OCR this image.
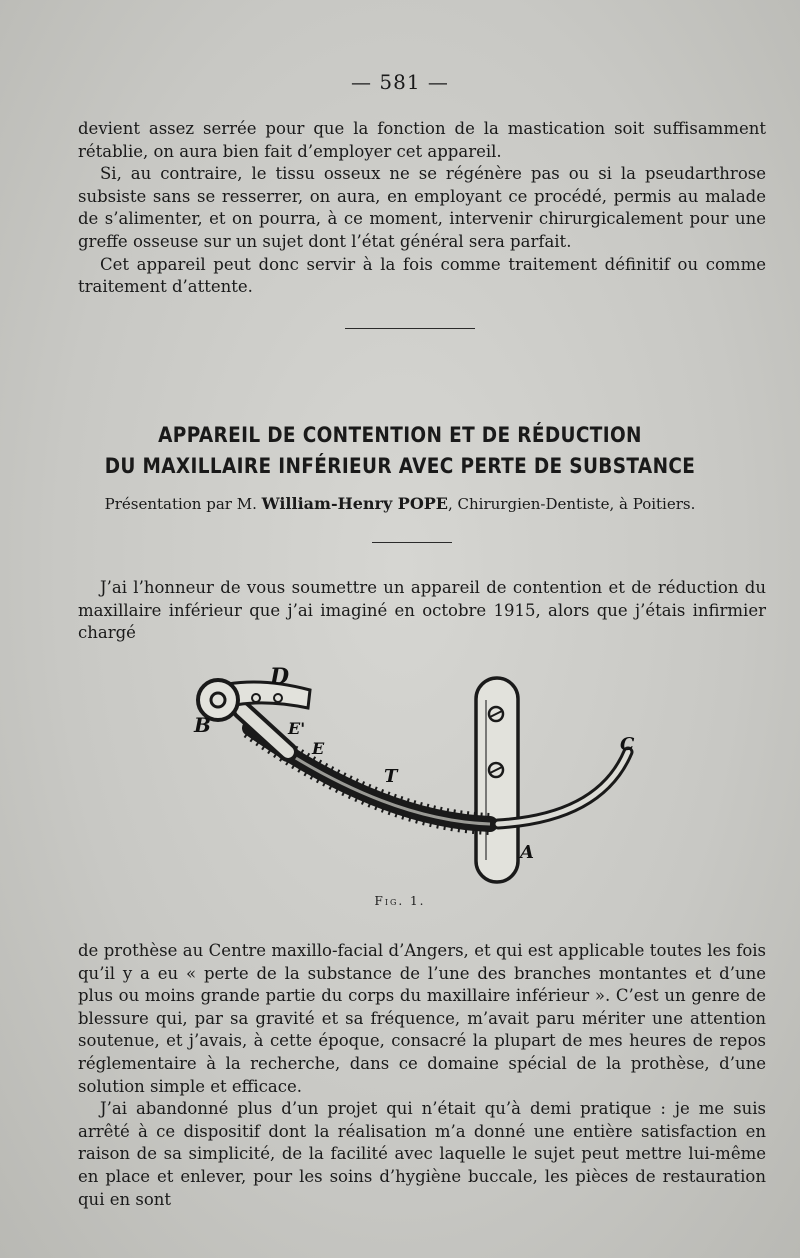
— 581 —

devient assez serrée pour que la fonction de la mastication soit suffisamment rétablie, on aura bien fait d’employer cet appareil.

Si, au contraire, le tissu osseux ne se régénère pas ou si la pseudarthrose subsiste sans se resserrer, on aura, en employant ce procédé, permis au malade de s’alimenter, et on pourra, à ce moment, intervenir chirurgicalement pour une greffe osseuse sur un sujet dont l’état général sera parfait.

Cet appareil peut donc servir à la fois comme traitement définitif ou comme traitement d’attente.

APPAREIL DE CONTENTION ET DE RÉDUCTION
DU MAXILLAIRE INFÉRIEUR AVEC PERTE DE SUBSTANCE
Présentation par M. William-Henry POPE, Chirurgien-Dentiste, à Poitiers.

J’ai l’honneur de vous soumettre un appareil de contention et de réduction du maxillaire inférieur que j’ai imaginé en octobre 1915, alors que j’étais infirmier chargé

D
B	E'
E
T
C
A
Fig. 1.

de prothèse au Centre maxillo-facial d’Angers, et qui est applicable toutes les fois qu’il y a eu « perte de la substance de l’une des branches montantes et d’une plus ou moins grande partie du corps du maxillaire inférieur ». C’est un genre de blessure qui, par sa gravité et sa fréquence, m’avait paru mériter une attention soutenue, et j’avais, à cette époque, consacré la plupart de mes heures de repos réglementaire à la recherche, dans ce domaine spécial de la prothèse, d’une solution simple et efficace.

J’ai abandonné plus d’un projet qui n’était qu’à demi pratique : je me suis arrêté à ce dispositif dont la réalisation m’a donné une entière satisfaction en raison de sa simplicité, de la facilité avec laquelle le sujet peut mettre lui-même en place et enlever, pour les soins d’hygiène buccale, les pièces de restauration qui en sont
